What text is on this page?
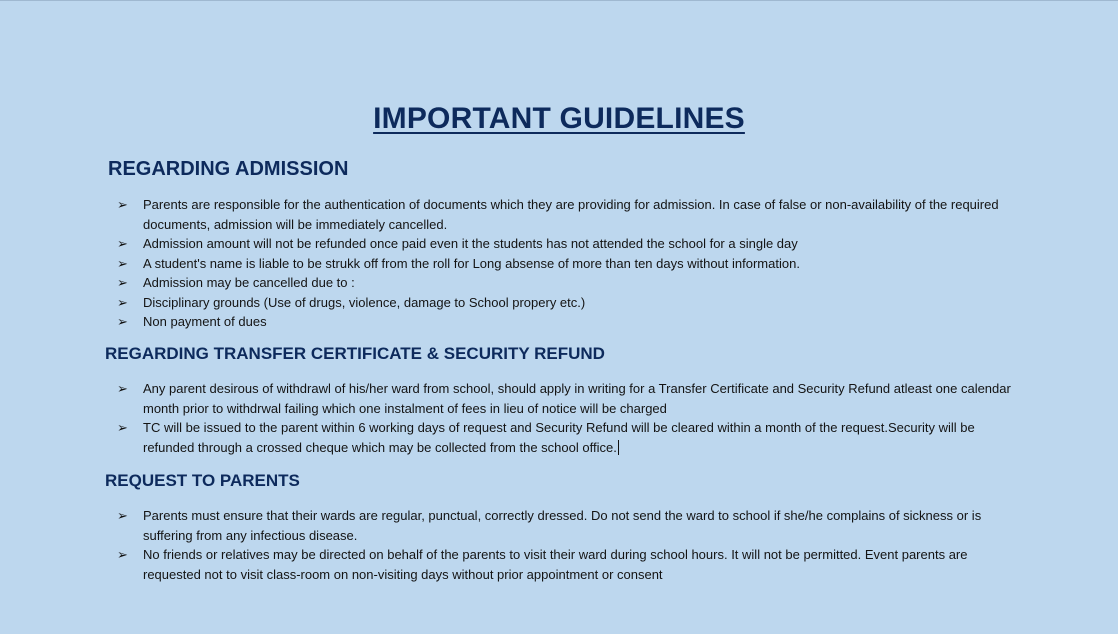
IMPORTANT GUIDELINES
REGARDING ADMISSION
➢ Parents are responsible for the authentication of documents which they are providing for admission. In case of false or non-availability of the required documents, admission will be immediately cancelled.
➢ Admission amount will not be refunded once paid even it the students has not attended the school for a single day
➢ A student's name is liable to be strukk off from the roll for Long absense of more than ten days without information.
➢ Admission may be cancelled due to :
➢ Disciplinary grounds (Use of drugs, violence, damage to School propery etc.)
➢ Non payment of dues
REGARDING TRANSFER CERTIFICATE & SECURITY REFUND
➢ Any parent desirous of withdrawl of his/her ward from school, should apply in writing for a Transfer Certificate and Security Refund atleast one calendar month prior to withdrwal failing which one instalment of fees in lieu of notice will be charged
➢ TC will be issued to the parent within 6 working days of request and Security Refund will be cleared within a month of the request.Security will be refunded through a crossed cheque which may be collected from the school office.
REQUEST TO PARENTS
➢ Parents must ensure that their wards are regular, punctual, correctly dressed. Do not send the ward to school if she/he complains of sickness or is suffering from any infectious disease.
➢ No friends or relatives may be directed on behalf of the parents to visit their ward during school hours. It will not be permitted. Event parents are requested not to visit class-room on non-visiting days without prior appointment or consent
